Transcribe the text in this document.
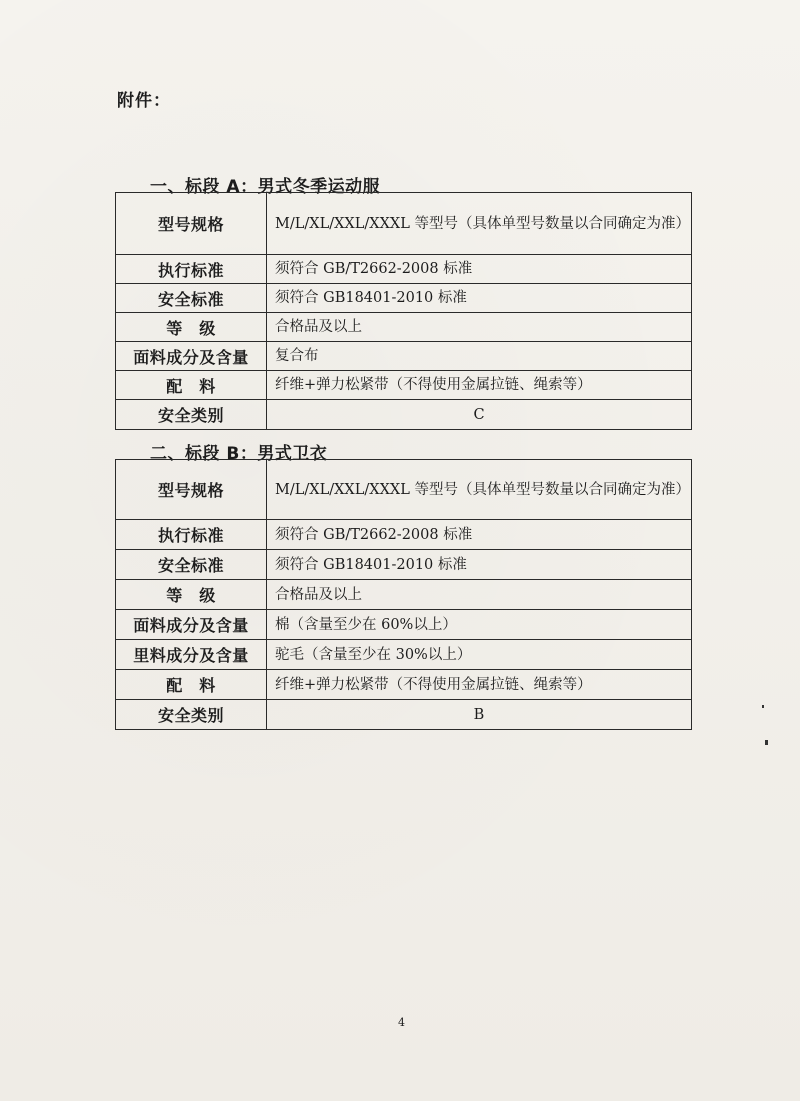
附件：
一、标段 A：男式冬季运动服
型号规格	M/L/XL/XXL/XXXL 等型号（具体单型号数量以合同确定为准）
执行标准	须符合 GB/T2662-2008 标准
安全标准	须符合 GB18401-2010 标准
等　级	合格品及以上
面料成分及含量	复合布
配　料	纤维+弹力松紧带（不得使用金属拉链、绳索等）
安全类别	C
二、标段 B：男式卫衣
型号规格	M/L/XL/XXL/XXXL 等型号（具体单型号数量以合同确定为准）
执行标准	须符合 GB/T2662-2008 标准
安全标准	须符合 GB18401-2010 标准
等　级	合格品及以上
面料成分及含量	棉（含量至少在 60%以上）
里料成分及含量	驼毛（含量至少在 30%以上）
配　料	纤维+弹力松紧带（不得使用金属拉链、绳索等）
安全类别	B
4
